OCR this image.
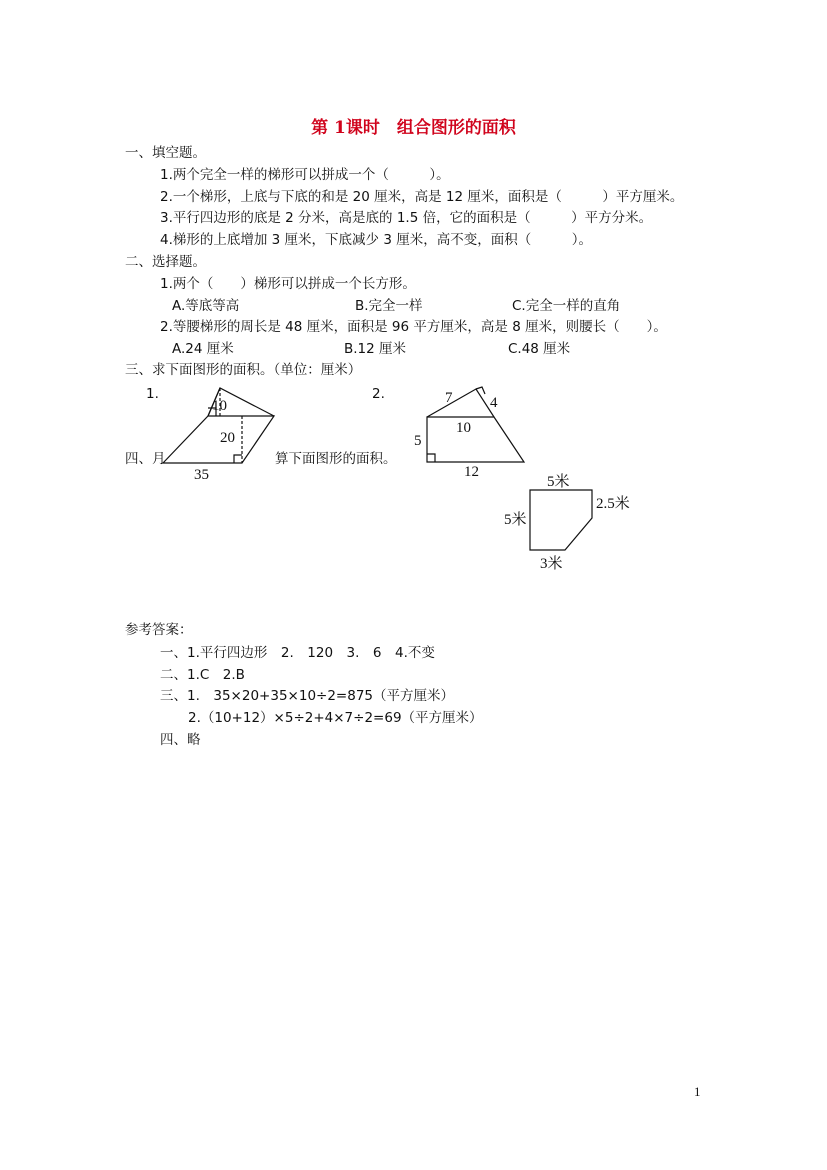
第 1课时　组合图形的面积
一、填空题。
1.两个完全一样的梯形可以拼成一个（　　　）。
2.一个梯形，上底与下底的和是 20 厘米，高是 12 厘米，面积是（　　　）平方厘米。
3.平行四边形的底是 2 分米，高是底的 1.5 倍，它的面积是（　　　）平方分米。
4.梯形的上底增加 3 厘米，下底减少 3 厘米，高不变，面积（　　　）。
二、选择题。
1.两个（　　）梯形可以拼成一个长方形。
A.等底等高	B.完全一样	C.完全一样的直角
2.等腰梯形的周长是 48 厘米，面积是 96 平方厘米，高是 8 厘米，则腰长（　　）。
A.24 厘米	B.12 厘米	C.48 厘米
三、求下面图形的面积。（单位：厘米）
1.	2.
10
20
35
7	4
10
5
12
四、月	算下面图形的面积。
5米
2.5米
5米
3米
参考答案：
一、1.平行四边形　2.　120　3.　6　4.不变
二、1.C　2.B
三、1.　35×20+35×10÷2=875（平方厘米）
2.（10+12）×5÷2+4×7÷2=69（平方厘米）
四、略
1
